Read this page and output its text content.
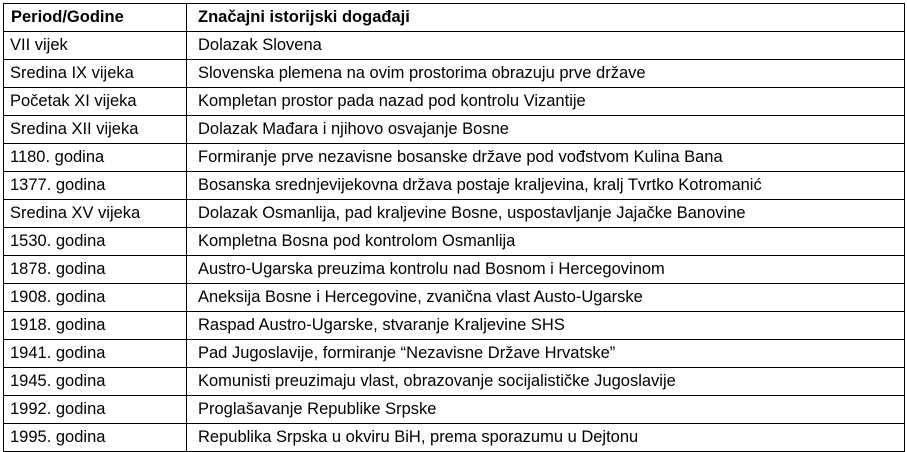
Period/Godine	Značajni istorijski događaji
VII vijek	Dolazak Slovena
Sredina IX vijeka	Slovenska plemena na ovim prostorima obrazuju prve države
Početak XI vijeka	Kompletan prostor pada nazad pod kontrolu Vizantije
Sredina XII vijeka	Dolazak Mađara i njihovo osvajanje Bosne
1180. godina	Formiranje prve nezavisne bosanske države pod vođstvom Kulina Bana
1377. godina	Bosanska srednjevijekovna država postaje kraljevina, kralj Tvrtko Kotromanić
Sredina XV vijeka	Dolazak Osmanlija, pad kraljevine Bosne, uspostavljanje Jajačke Banovine
1530. godina	Kompletna Bosna pod kontrolom Osmanlija
1878. godina	Austro-Ugarska preuzima kontrolu nad Bosnom i Hercegovinom
1908. godina	Aneksija Bosne i Hercegovine, zvanična vlast Austo-Ugarske
1918. godina	Raspad Austro-Ugarske, stvaranje Kraljevine SHS
1941. godina	Pad Jugoslavije, formiranje “Nezavisne Države Hrvatske”
1945. godina	Komunisti preuzimaju vlast, obrazovanje socijalističke Jugoslavije
1992. godina	Proglašavanje Republike Srpske
1995. godina	Republika Srpska u okviru BiH, prema sporazumu u Dejtonu
